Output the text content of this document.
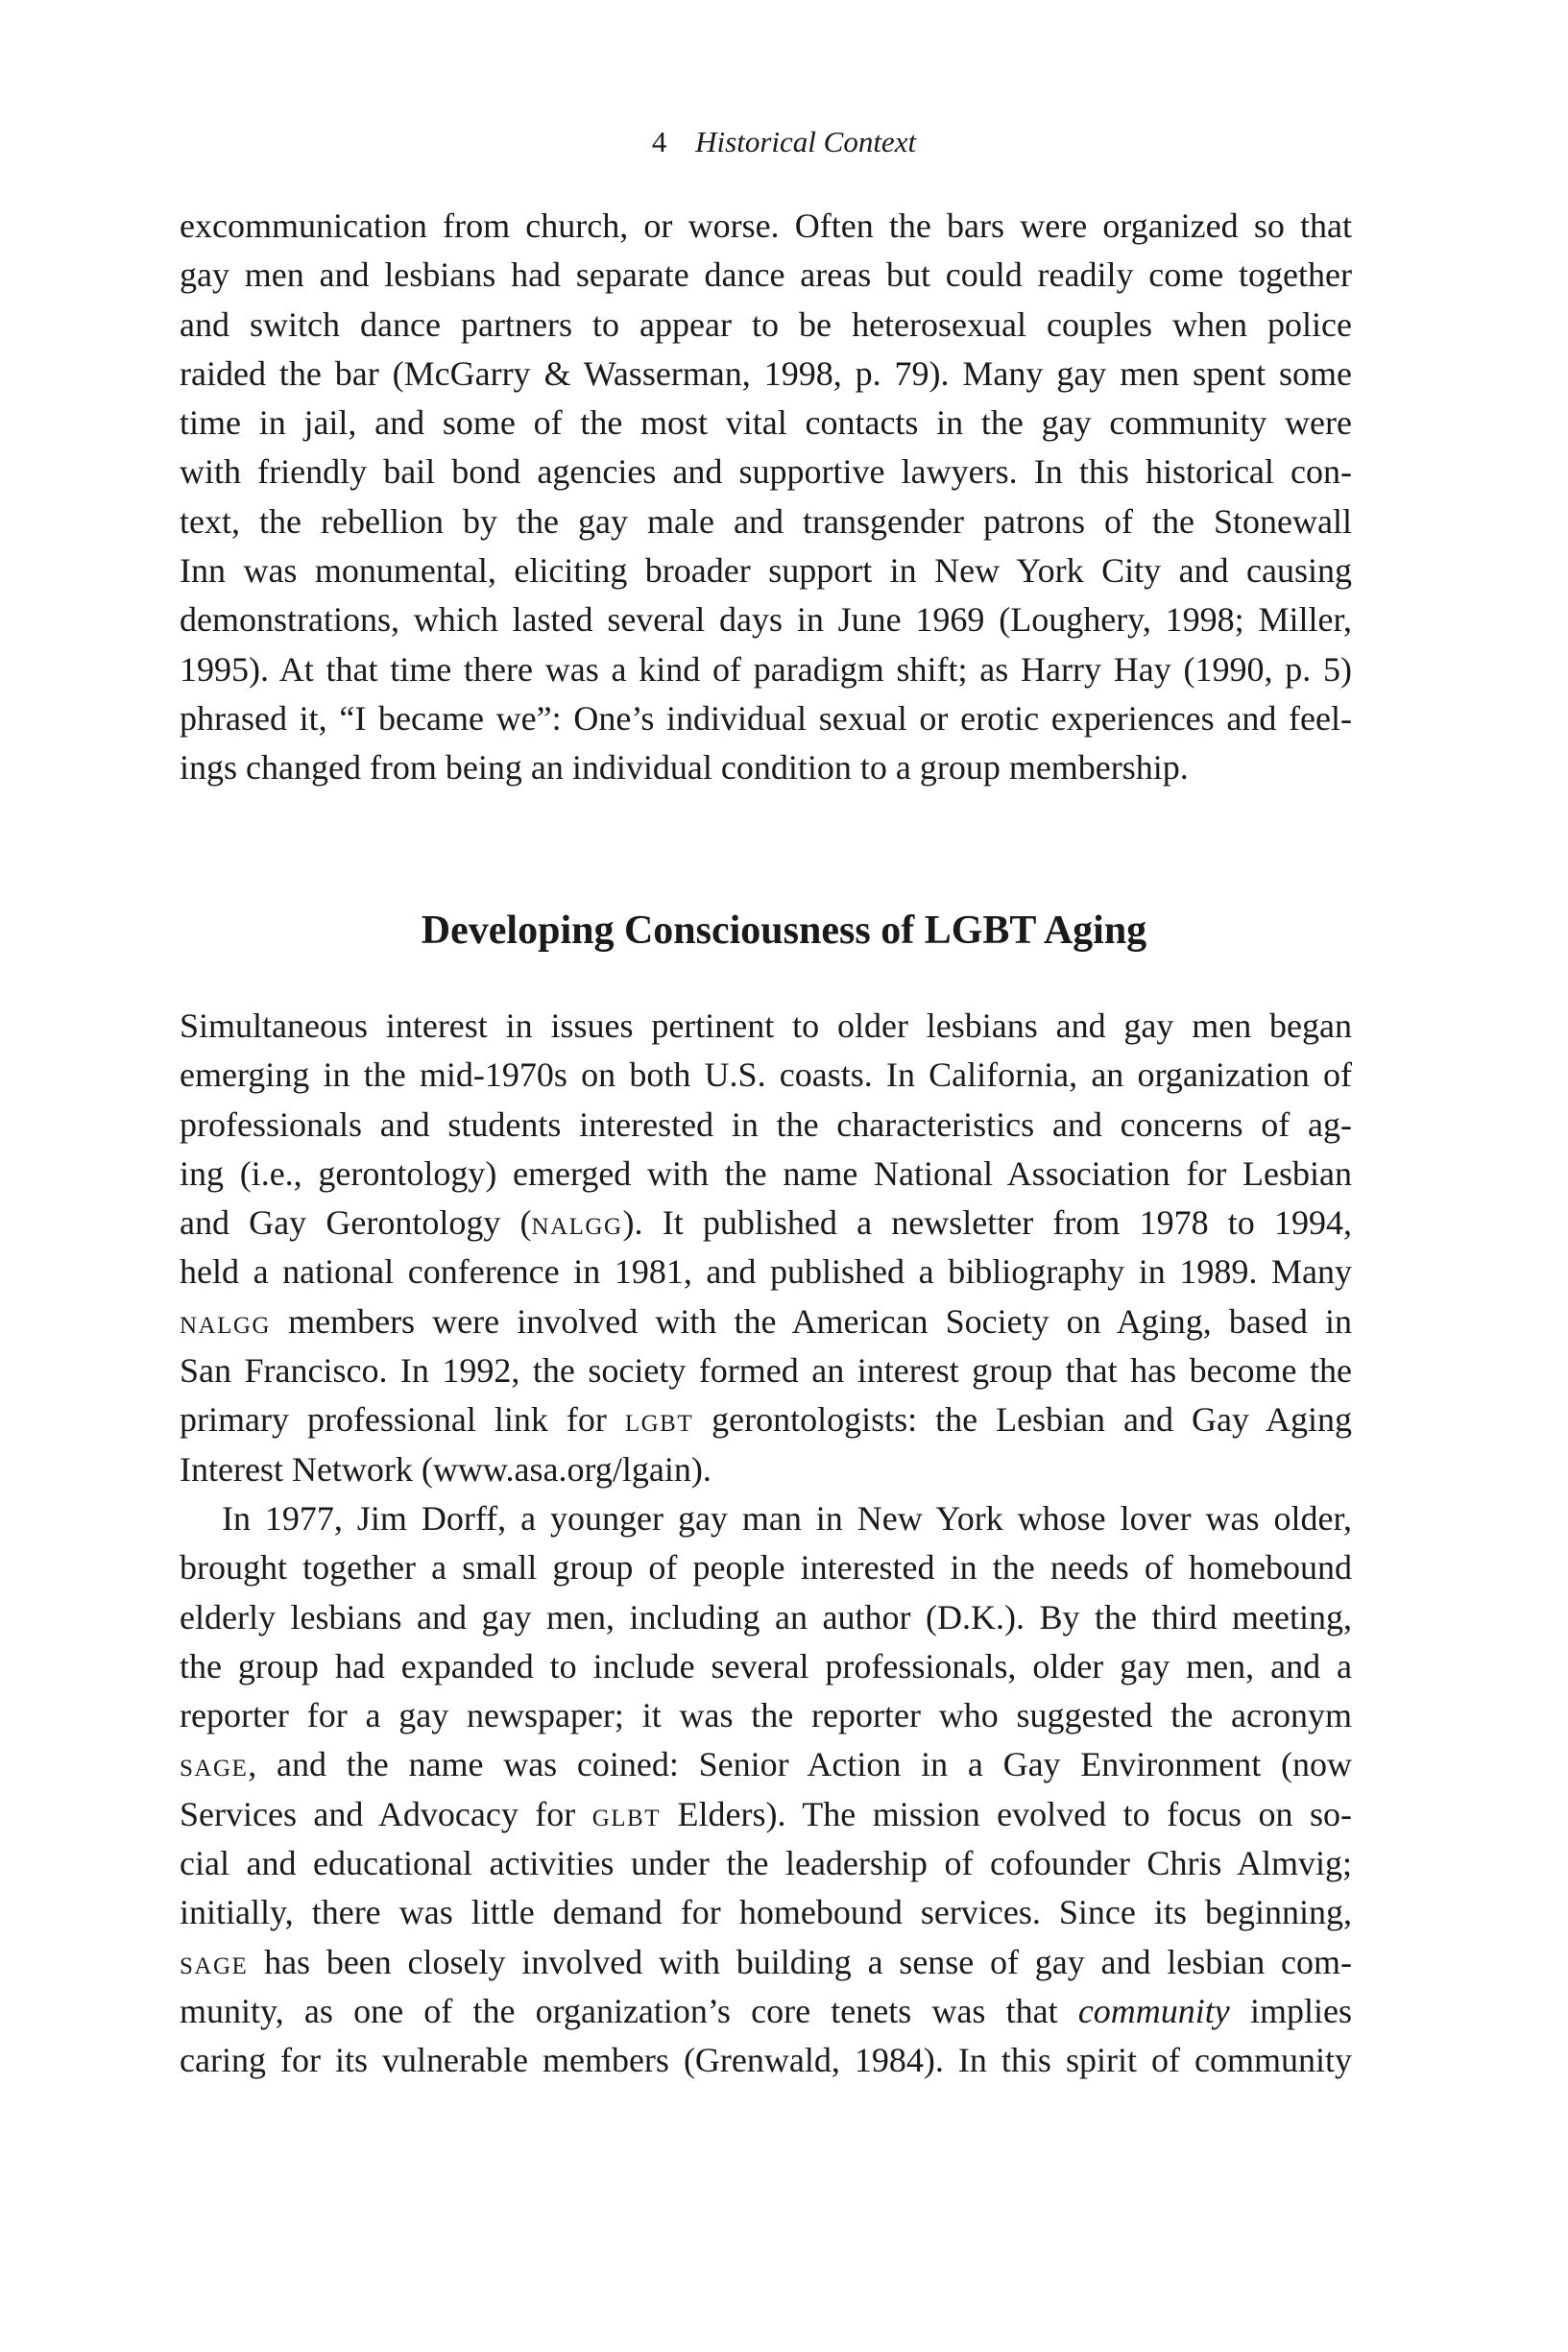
4 Historical Context
excommunication from church, or worse. Often the bars were organized so that
gay men and lesbians had separate dance areas but could readily come together
and switch dance partners to appear to be heterosexual couples when police
raided the bar (McGarry & Wasserman, 1998, p. 79). Many gay men spent some
time in jail, and some of the most vital contacts in the gay community were
with friendly bail bond agencies and supportive lawyers. In this historical con-
text, the rebellion by the gay male and transgender patrons of the Stonewall
Inn was monumental, eliciting broader support in New York City and causing
demonstrations, which lasted several days in June 1969 (Loughery, 1998; Miller,
1995). At that time there was a kind of paradigm shift; as Harry Hay (1990, p. 5)
phrased it, “I became we”: One’s individual sexual or erotic experiences and feel-
ings changed from being an individual condition to a group membership.
Developing Consciousness of LGBT Aging
Simultaneous interest in issues pertinent to older lesbians and gay men began
emerging in the mid-1970s on both U.S. coasts. In California, an organization of
professionals and students interested in the characteristics and concerns of ag-
ing (i.e., gerontology) emerged with the name National Association for Lesbian
and Gay Gerontology (nalgg). It published a newsletter from 1978 to 1994,
held a national conference in 1981, and published a bibliography in 1989. Many
nalgg members were involved with the American Society on Aging, based in
San Francisco. In 1992, the society formed an interest group that has become the
primary professional link for lgbt gerontologists: the Lesbian and Gay Aging
Interest Network (www.asa.org/lgain).
In 1977, Jim Dorff, a younger gay man in New York whose lover was older,
brought together a small group of people interested in the needs of homebound
elderly lesbians and gay men, including an author (D.K.). By the third meeting,
the group had expanded to include several professionals, older gay men, and a
reporter for a gay newspaper; it was the reporter who suggested the acronym
sage, and the name was coined: Senior Action in a Gay Environment (now
Services and Advocacy for glbt Elders). The mission evolved to focus on so-
cial and educational activities under the leadership of cofounder Chris Almvig;
initially, there was little demand for homebound services. Since its beginning,
sage has been closely involved with building a sense of gay and lesbian com-
munity, as one of the organization’s core tenets was that community implies
caring for its vulnerable members (Grenwald, 1984). In this spirit of community
